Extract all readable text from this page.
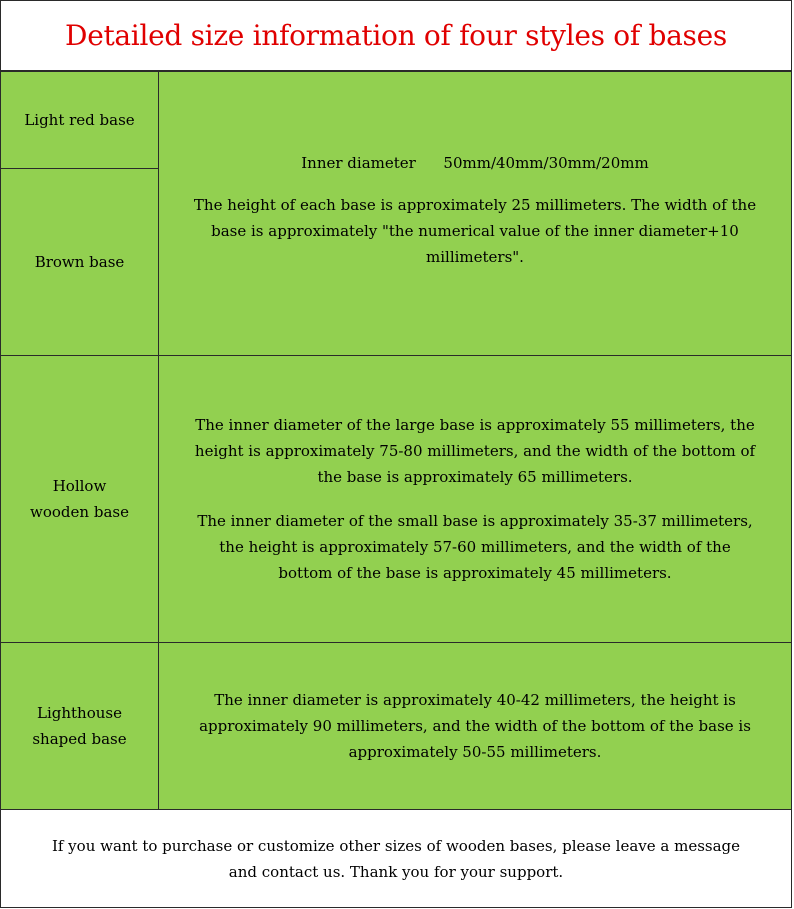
Detailed size information of four styles of bases
Light red base
Brown base
Hollow
wooden base
Lighthouse
shaped base
Inner diameter 50mm/40mm/30mm/20mm
The height of each base is approximately 25 millimeters. The width of the
base is approximately "the numerical value of the inner diameter+10
millimeters".
The inner diameter of the large base is approximately 55 millimeters, the
height is approximately 75-80 millimeters, and the width of the bottom of
the base is approximately 65 millimeters.
The inner diameter of the small base is approximately 35-37 millimeters,
the height is approximately 57-60 millimeters, and the width of the
bottom of the base is approximately 45 millimeters.
The inner diameter is approximately 40-42 millimeters, the height is
approximately 90 millimeters, and the width of the bottom of the base is
approximately 50-55 millimeters.
If you want to purchase or customize other sizes of wooden bases, please leave a message
and contact us. Thank you for your support.
